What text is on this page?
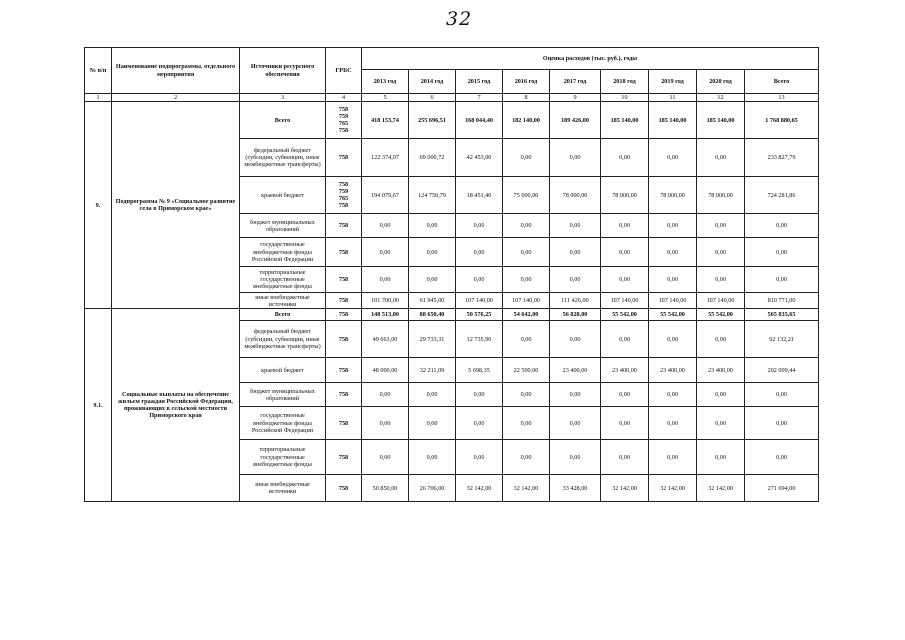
32
№ п/п	Наименование подпрограммы, отдельного мероприятия	Источники ресурсного обеспечения	ГРБС	Оценка расходов (тыс. руб.), годы								
				2013 год	2014 год	2015 год	2016 год	2017 год	2018 год	2019 год	2020 год	Всего
1	2	3	4	5	6	7	8	9	10	11	12	13
9.	Подпрограмма № 9 «Социальное развитие села в Приморском крае»	Всего	758
759
765
758	418 153,74	255 696,51	168 044,40	182 140,00	189 426,00	185 140,00	185 140,00	185 140,00	1 768 880,65
		федеральный бюджет (субсидии, субвенции, иные межбюджетные трансферты)	758	122 374,07	69 000,72	42 453,00	0,00	0,00	0,00	0,00	0,00	233 827,79
		краевой бюджет	758
759
765
758	194 079,67	124 750,79	18 451,40	75 000,00	78 000,00	78 000,00	78 000,00	78 000,00	724 281,86
		бюджет муниципальных образований	758	0,00	0,00	0,00	0,00	0,00	0,00	0,00	0,00	0,00
		государственные внебюджетные фонды Российской Федерации	758	0,00	0,00	0,00	0,00	0,00	0,00	0,00	0,00	0,00
		территориальные государственные внебюджетные фонды	758	0,00	0,00	0,00	0,00	0,00	0,00	0,00	0,00	0,00
		иные внебюджетные источники	758	101 700,00	61 945,00	107 140,00	107 140,00	111 426,00	107 140,00	107 140,00	107 140,00	810 771,00
9.1.	Социальные выплаты на обеспечение жильем граждан Российской Федерации, проживающих в сельской местности Приморского края	Всего	758	148 513,00	88 650,40	50 576,25	54 642,00	56 828,00	55 542,00	55 542,00	55 542,00	565 835,65
		федеральный бюджет (субсидии, субвенции, иные межбюджетные трансферты)	758	49 663,00	29 733,31	12 735,90	0,00	0,00	0,00	0,00	0,00	92 132,21
		краевой бюджет	758	48 000,00	32 211,09	5 698,35	22 500,00	23 400,00	23 400,00	23 400,00	23 400,00	202 009,44
		бюджет муниципальных образований	758	0,00	0,00	0,00	0,00	0,00	0,00	0,00	0,00	0,00
		государственные внебюджетные фонды Российской Федерации	758	0,00	0,00	0,00	0,00	0,00	0,00	0,00	0,00	0,00
		территориальные государственные внебюджетные фонды	758	0,00	0,00	0,00	0,00	0,00	0,00	0,00	0,00	0,00
		иные внебюджетные источники	758	50 850,00	26 706,00	32 142,00	32 142,00	33 428,00	32 142,00	32 142,00	32 142,00	271 694,00
